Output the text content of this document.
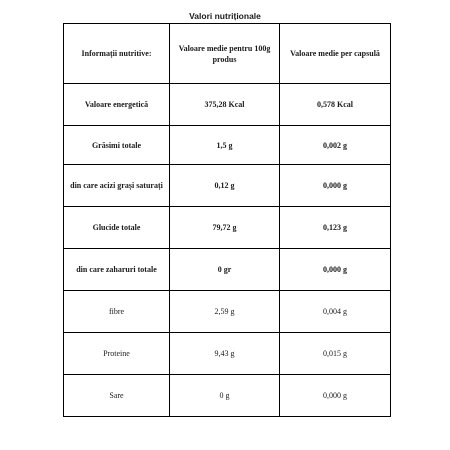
Valori nutriționale
Informații nutritive:	Valoare medie pentru 100g produs	Valoare medie per capsulă
Valoare energetică	375,28 Kcal	0,578 Kcal
Grăsimi totale	1,5 g	0,002 g
din care acizi grași saturați	0,12 g	0,000 g
Glucide totale	79,72 g	0,123 g
din care zaharuri totale	0 gr	0,000 g
fibre	2,59 g	0,004 g
Proteine	9,43 g	0,015 g
Sare	0 g	0,000 g
